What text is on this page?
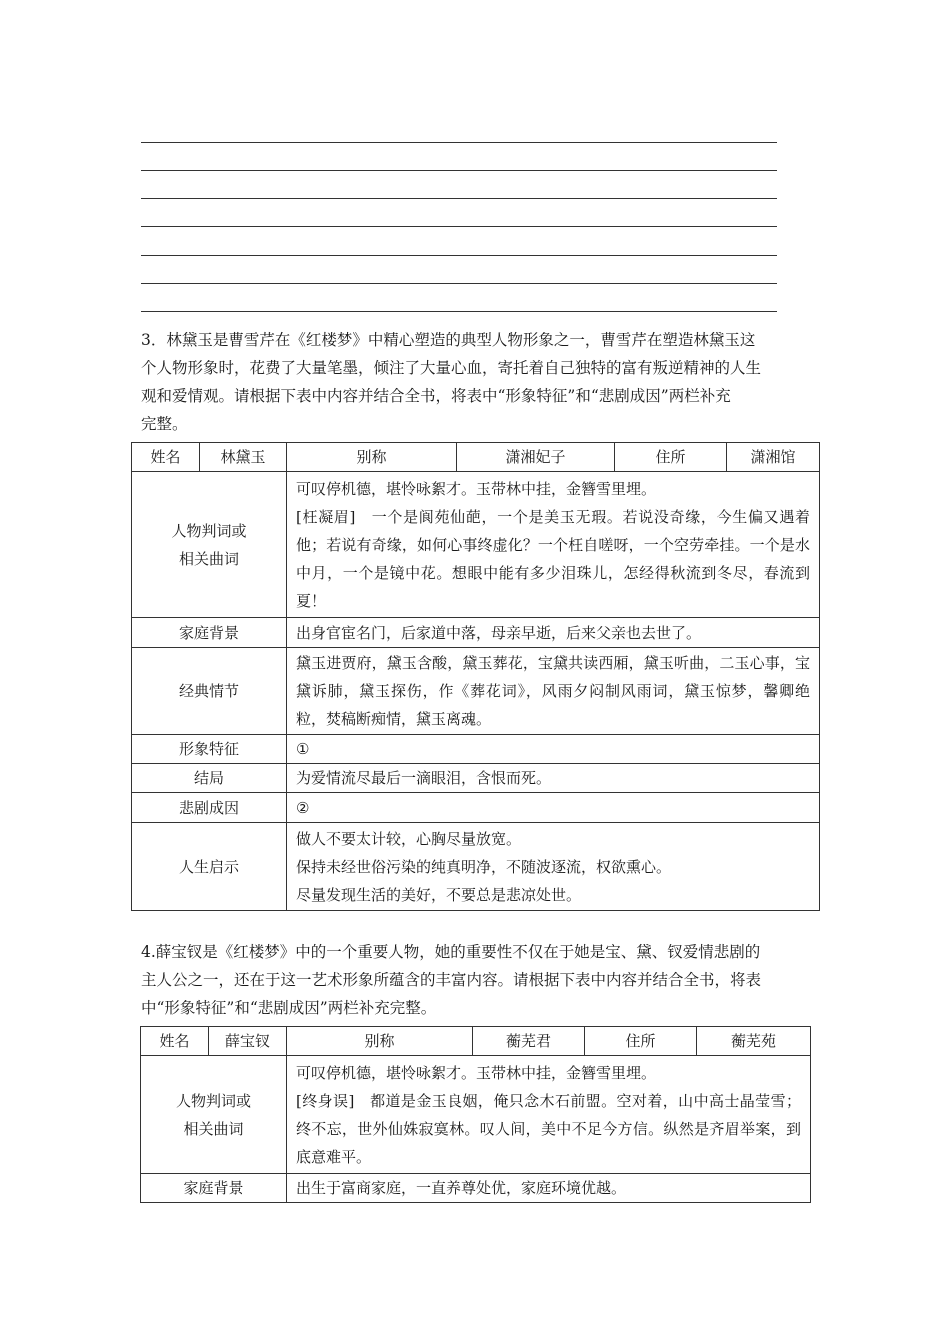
3．林黛玉是曹雪芹在《红楼梦》中精心塑造的典型人物形象之一，曹雪芹在塑造林黛玉这
个人物形象时，花费了大量笔墨，倾注了大量心血，寄托着自己独特的富有叛逆精神的人生
观和爱情观。请根据下表中内容并结合全书，将表中“形象特征”和“悲剧成因”两栏补充
完整。
姓名	林黛玉	别称	潇湘妃子	住所	潇湘馆

人物判词或
相关曲词		可叹停机德，堪怜咏絮才。玉带林中挂，金簪雪里埋。
[枉凝眉]　一个是阆苑仙葩，一个是美玉无瑕。若说没奇缘，今生偏又遇着他；若说有奇缘，如何心事终虚化？一个枉自嗟呀，一个空劳牵挂。一个是水中月，一个是镜中花。想眼中能有多少泪珠儿，怎经得秋流到冬尽，春流到夏！			

家庭背景		出身官宦名门，后家道中落，母亲早逝，后来父亲也去世了。			
经典情节		黛玉进贾府，黛玉含酸，黛玉葬花，宝黛共读西厢，黛玉听曲，二玉心事，宝黛诉肺，黛玉探伤，作《葬花词》，风雨夕闷制风雨词，黛玉惊梦，馨卿绝粒，焚稿断痴情，黛玉离魂。			
形象特征		①			
结局		为爱情流尽最后一滴眼泪，含恨而死。			
悲剧成因		②			
人生启示		做人不要太计较，心胸尽量放宽。
保持未经世俗污染的纯真明净，不随波逐流，权欲熏心。
尽量发现生活的美好，不要总是悲凉处世。			
4.薛宝钗是《红楼梦》中的一个重要人物，她的重要性不仅在于她是宝、黛、钗爱情悲剧的
主人公之一，还在于这一艺术形象所蕴含的丰富内容。请根据下表中内容并结合全书，将表
中“形象特征”和“悲剧成因”两栏补充完整。
姓名	薛宝钗	别称	蘅芜君	住所	蘅芜苑

人物判词或
相关曲词		可叹停机德，堪怜咏絮才。玉带林中挂，金簪雪里埋。
[终身误]　都道是金玉良姻，俺只念木石前盟。空对着，山中高士晶莹雪；终不忘，世外仙姝寂寞林。叹人间，美中不足今方信。纵然是齐眉举案，到底意难平。			

家庭背景		出生于富商家庭，一直养尊处优，家庭环境优越。			
